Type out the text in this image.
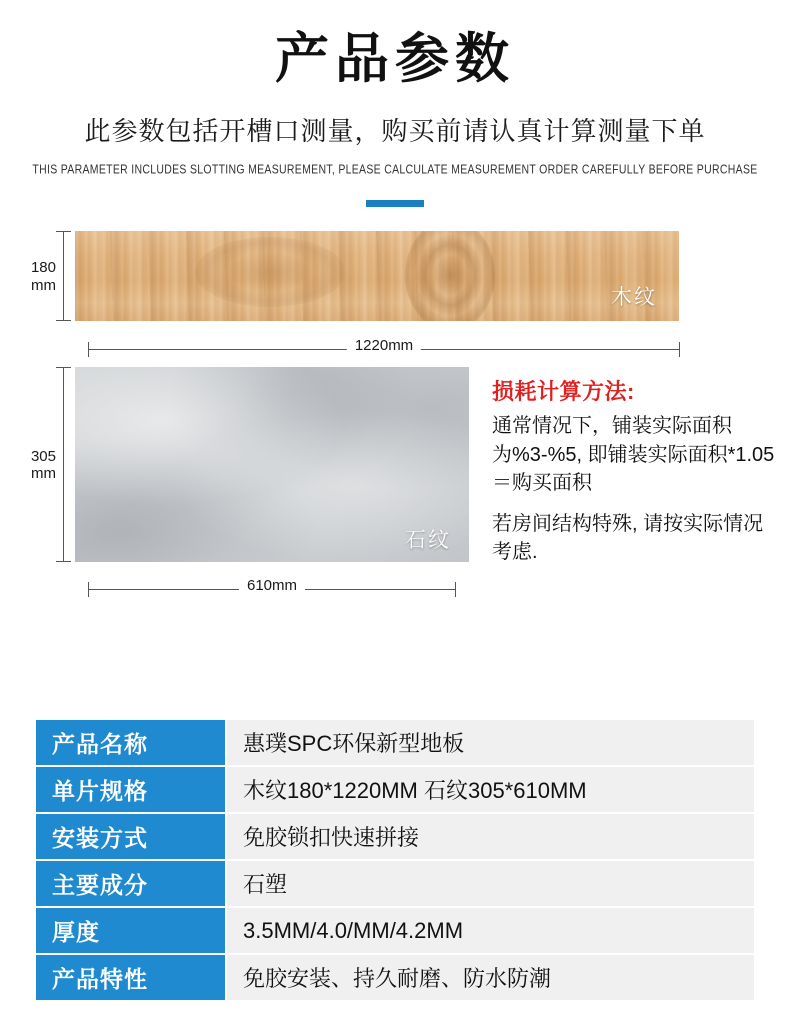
产品参数
此参数包括开槽口测量，购买前请认真计算测量下单
THIS PARAMETER INCLUDES SLOTTING MEASUREMENT, PLEASE CALCULATE MEASUREMENT ORDER CAREFULLY BEFORE PURCHASE
180
mm
木纹
1220mm
305
mm
石纹
610mm
损耗计算方法:

通常情况下，铺装实际面积为%3-%5, 即铺装实际面积*1.05＝购买面积

若房间结构特殊, 请按实际情况考虑.

产品名称	惠璞SPC环保新型地板
单片规格	木纹180*1220MM 石纹305*610MM
安装方式	免胶锁扣快速拼接
主要成分	石塑
厚度	3.5MM/4.0/MM/4.2MM
产品特性	免胶安装、持久耐磨、防水防潮
